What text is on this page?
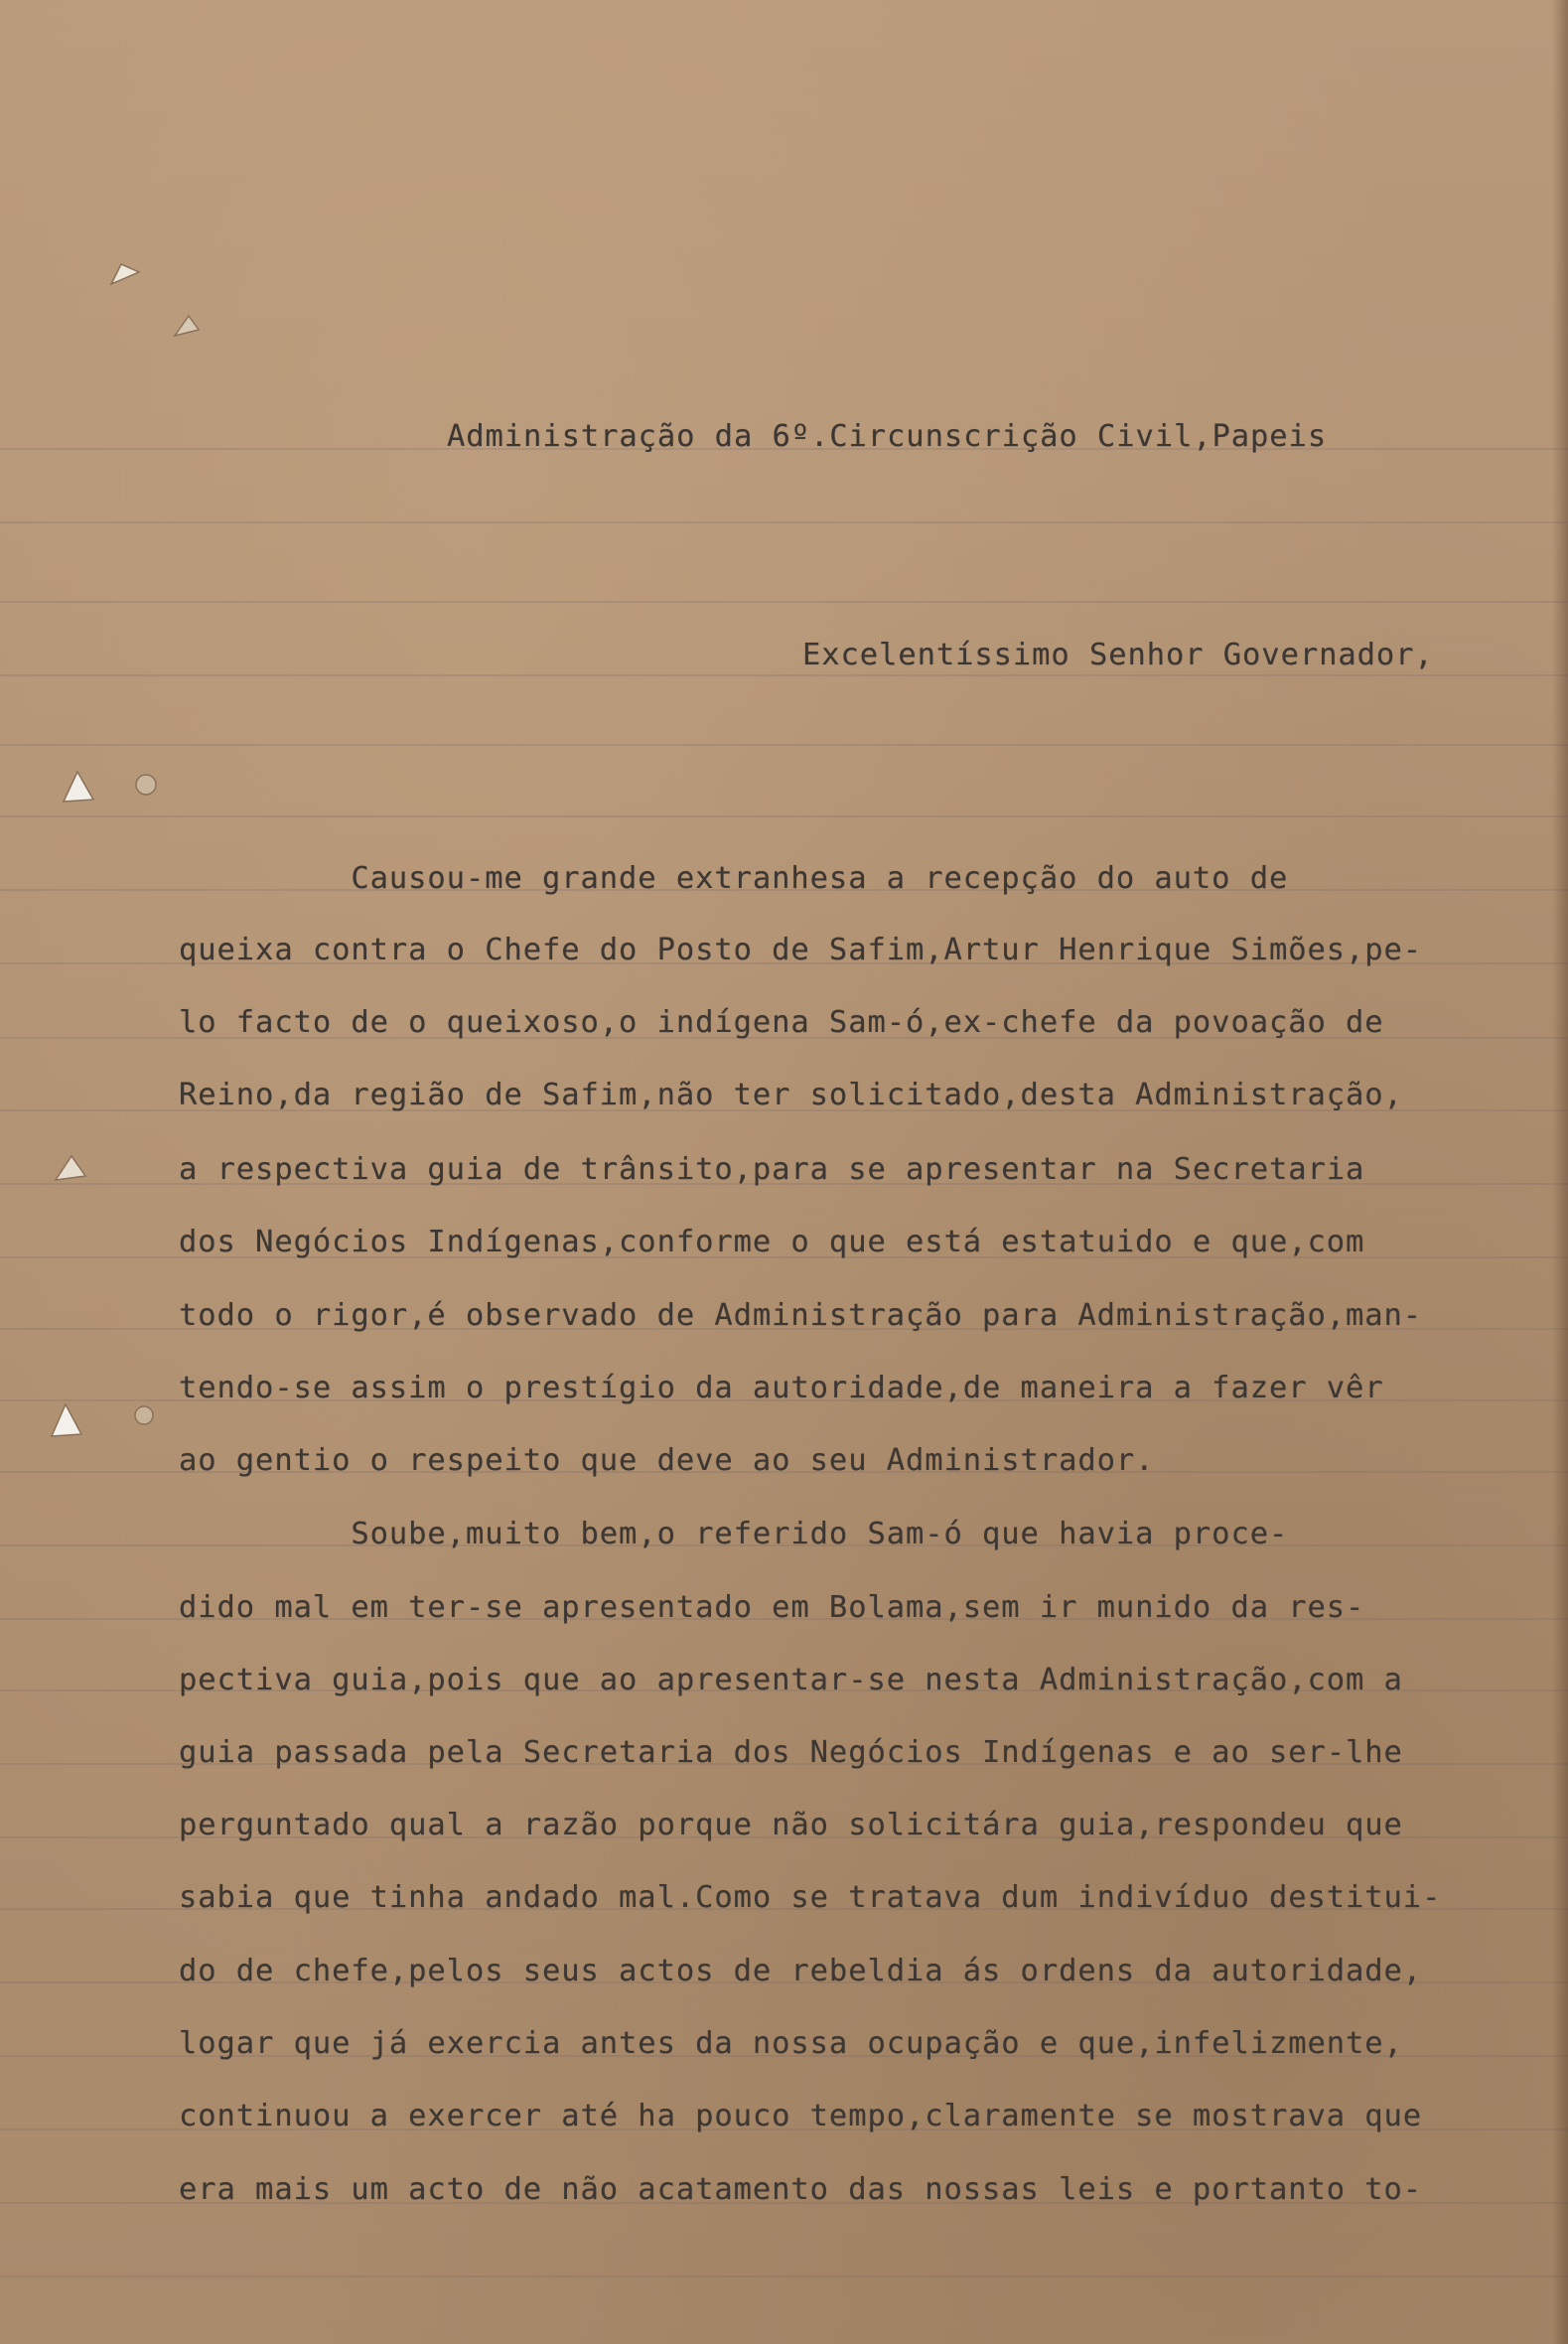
Administração da 6º.Circunscrição Civil,Papeis
Excelentíssimo Senhor Governador,
Causou-me grande extranhesa a recepção do auto de
queixa contra o Chefe do Posto de Safim,Artur Henrique Simões,pe-
lo facto de o queixoso,o indígena Sam-ó,ex-chefe da povoação de
Reino,da região de Safim,não ter solicitado,desta Administração,
a respectiva guia de trânsito,para se apresentar na Secretaria
dos Negócios Indígenas,conforme o que está estatuido e que,com
todo o rigor,é observado de Administração para Administração,man-
tendo-se assim o prestígio da autoridade,de maneira a fazer vêr
ao gentio o respeito que deve ao seu Administrador.
Soube,muito bem,o referido Sam-ó que havia proce-
dido mal em ter-se apresentado em Bolama,sem ir munido da res-
pectiva guia,pois que ao apresentar-se nesta Administração,com a
guia passada pela Secretaria dos Negócios Indígenas e ao ser-lhe
perguntado qual a razão porque não solicitára guia,respondeu que
sabia que tinha andado mal.Como se tratava dum indivíduo destitui-
do de chefe,pelos seus actos de rebeldia ás ordens da autoridade,
logar que já exercia antes da nossa ocupação e que,infelizmente,
continuou a exercer até ha pouco tempo,claramente se mostrava que
era mais um acto de não acatamento das nossas leis e portanto to-
